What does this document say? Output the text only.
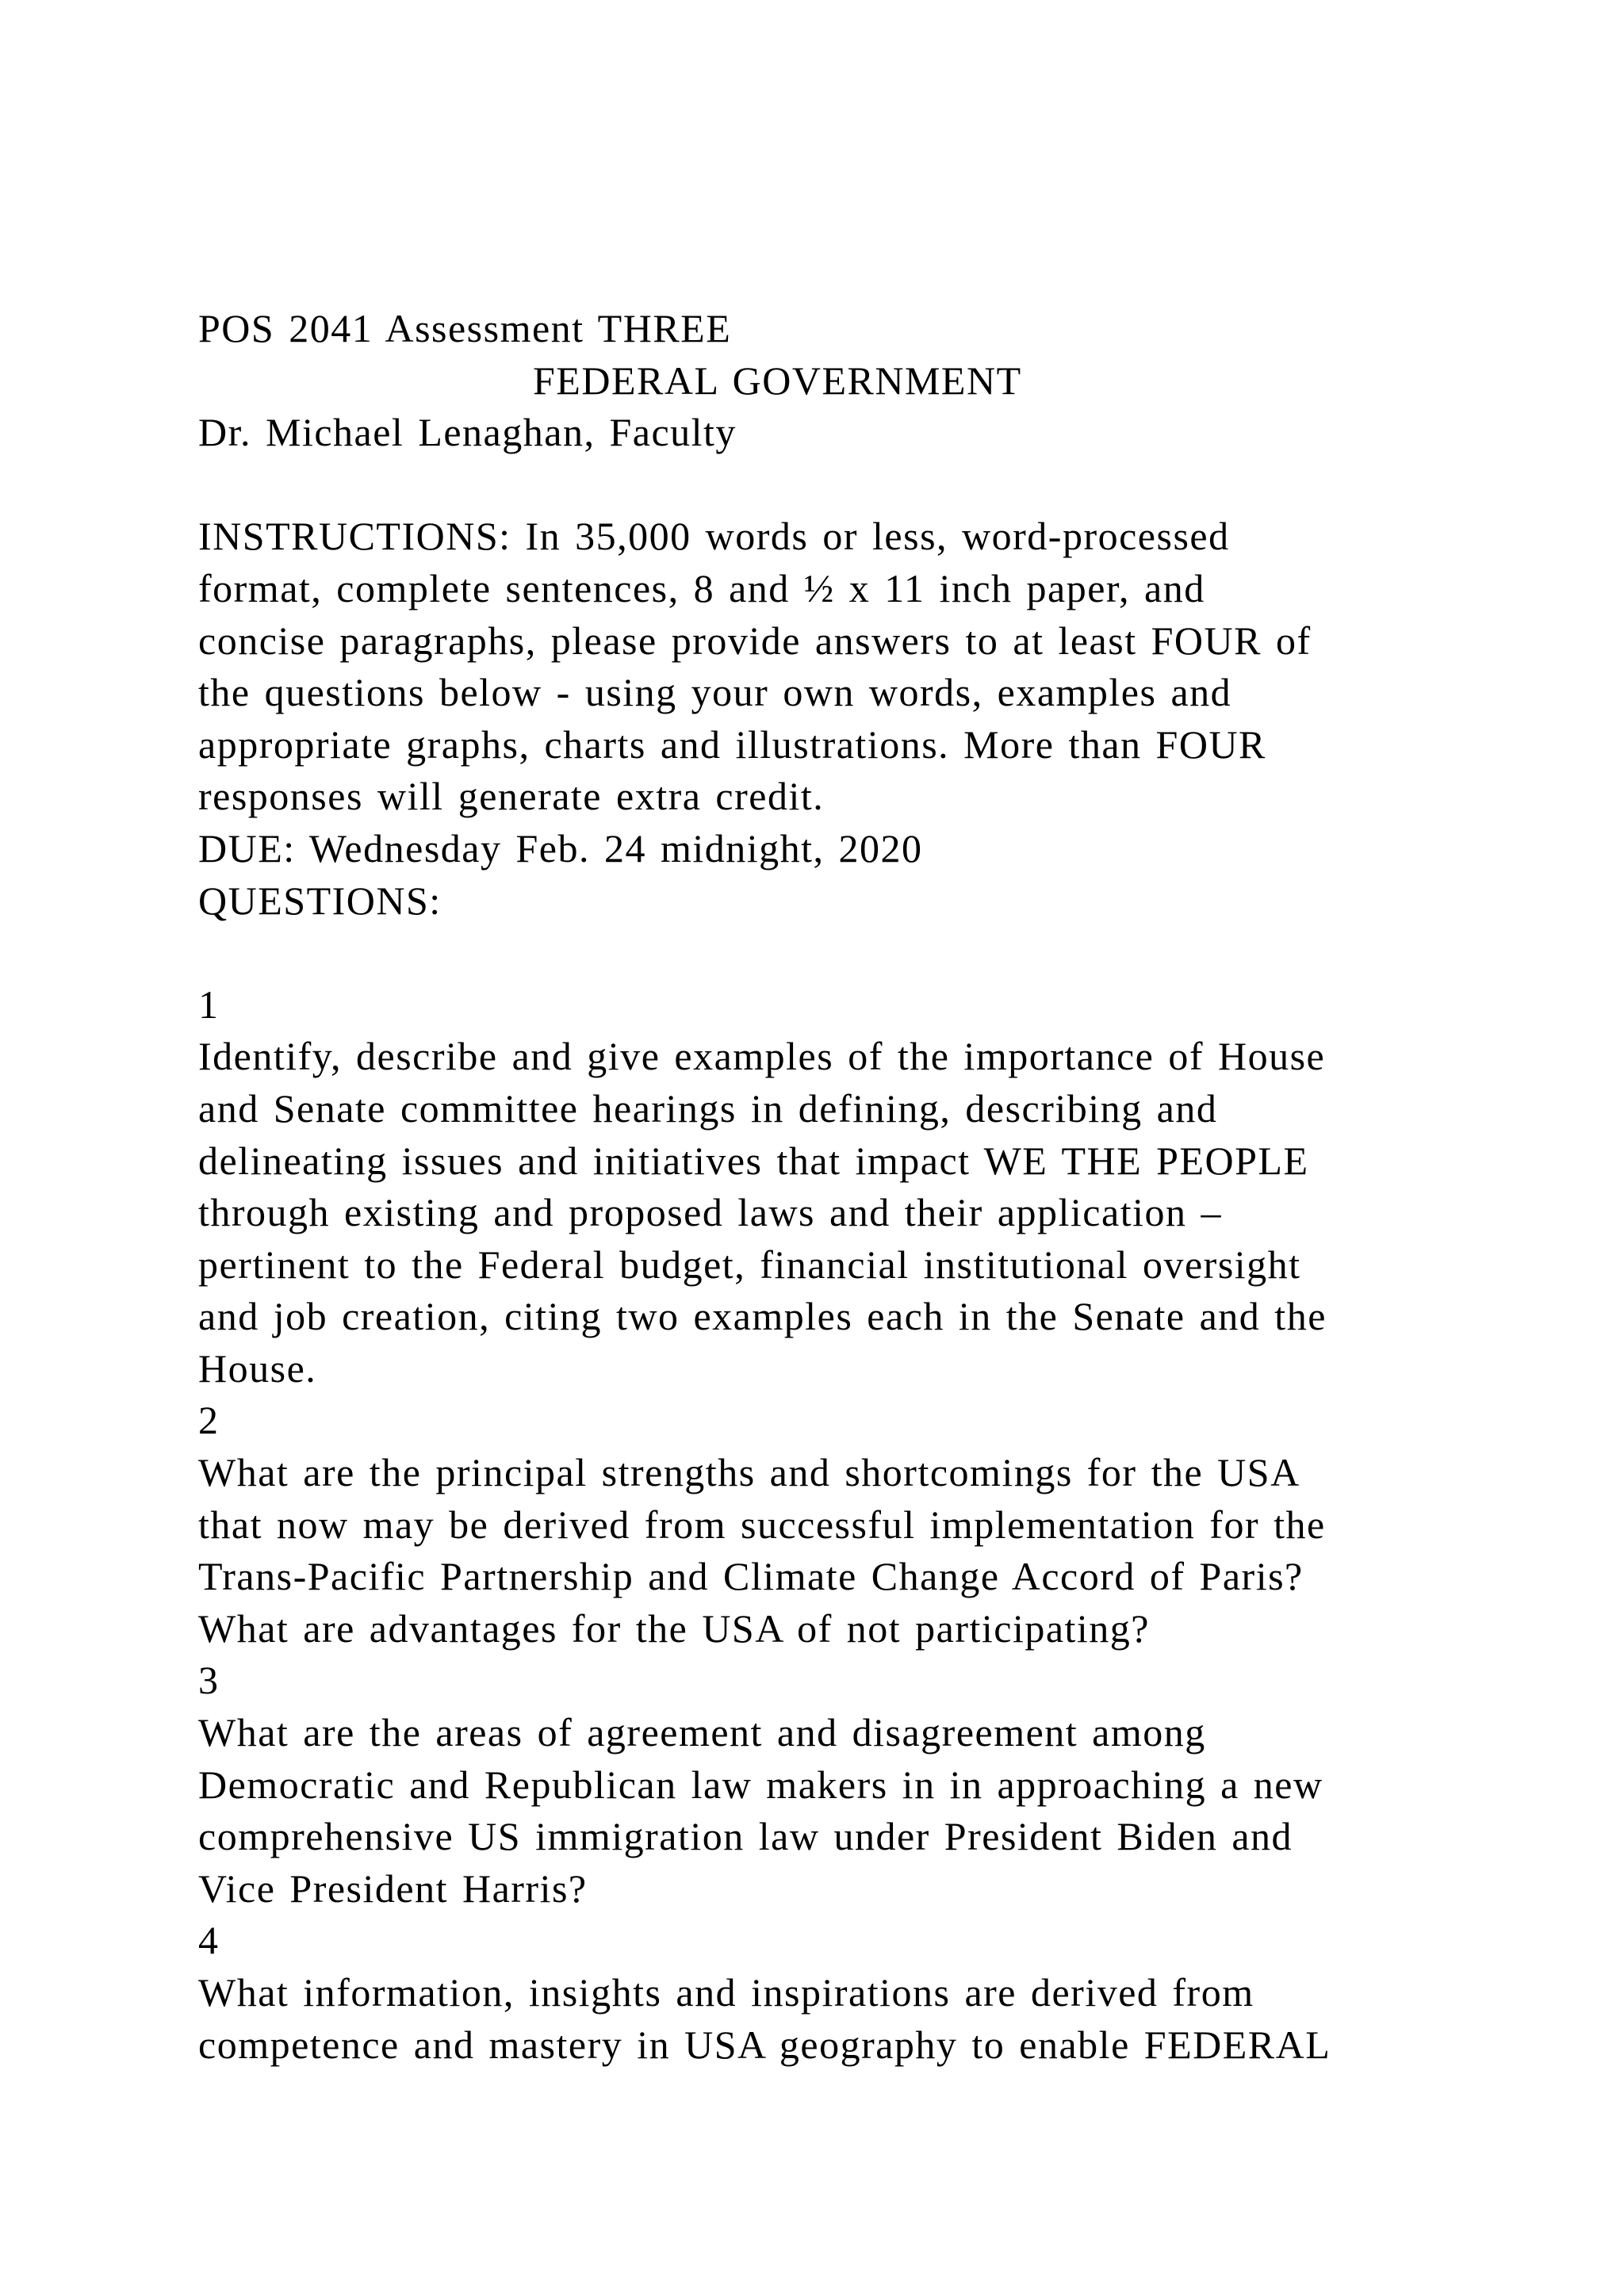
POS 2041 Assessment THREE
FEDERAL GOVERNMENT
Dr. Michael Lenaghan, Faculty
INSTRUCTIONS: In 35,000 words or less, word-processed
format, complete sentences, 8 and ½ x 11 inch paper, and
concise paragraphs, please provide answers to at least FOUR of
the questions below - using your own words, examples and
appropriate graphs, charts and illustrations. More than FOUR
responses will generate extra credit.
DUE: Wednesday Feb. 24 midnight, 2020
QUESTIONS:
1
Identify, describe and give examples of the importance of House
and Senate committee hearings in defining, describing and
delineating issues and initiatives that impact WE THE PEOPLE
through existing and proposed laws and their application –
pertinent to the Federal budget, financial institutional oversight
and job creation, citing two examples each in the Senate and the
House.
2
What are the principal strengths and shortcomings for the USA
that now may be derived from successful implementation for the
Trans-Pacific Partnership and Climate Change Accord of Paris?
What are advantages for the USA of not participating?
3
What are the areas of agreement and disagreement among
Democratic and Republican law makers in in approaching a new
comprehensive US immigration law under President Biden and
Vice President Harris?
4
What information, insights and inspirations are derived from
competence and mastery in USA geography to enable FEDERAL
